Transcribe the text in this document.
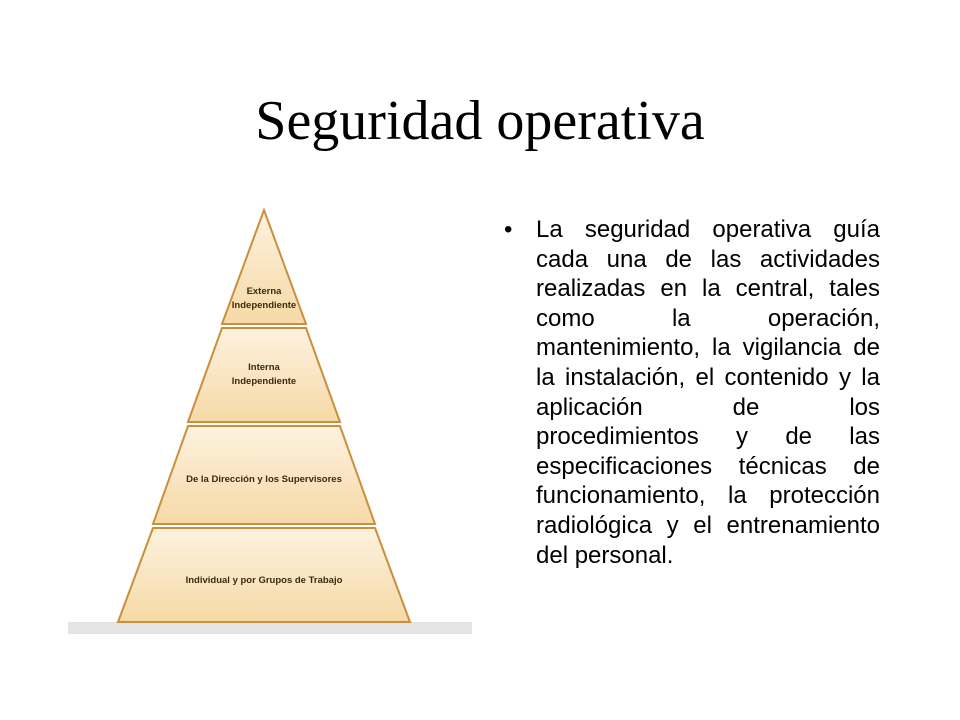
Seguridad operativa
Externa
Independiente
Interna
Independiente
De la Dirección y los Supervisores
Individual y por Grupos de Trabajo
• La seguridad operativa guía cada una de las actividades realizadas en la central, tales como la operación, mantenimiento, la vigilancia de la instalación, el contenido y la aplicación de los procedimientos y de las especificaciones técnicas de funcionamiento, la protección radiológica y el entrenamiento del personal.
